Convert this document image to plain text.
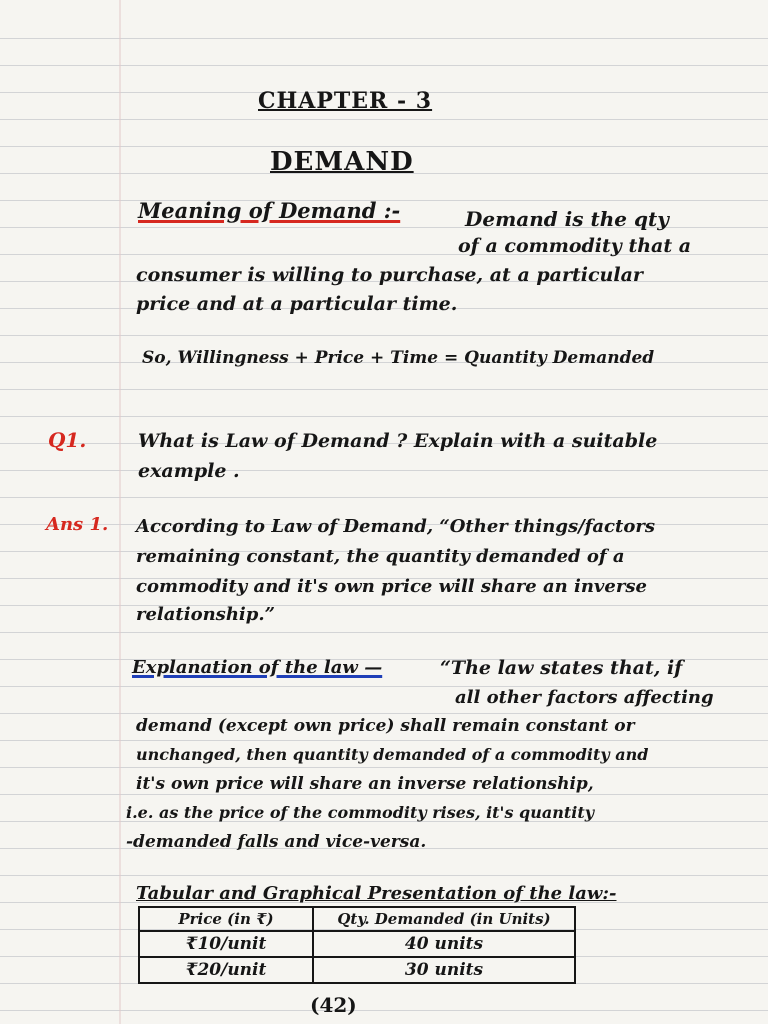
CHAPTER - 3
DEMAND
Meaning of Demand :-	Demand is the qty
of a commodity that a
consumer is willing to purchase, at a particular
price and at a particular time.
So, Willingness + Price + Time = Quantity Demanded
Q1.	What is Law of Demand ? Explain with a suitable
example .
Ans 1. According to Law of Demand, “Other things/factors
remaining constant, the quantity demanded of a
commodity and it's own price will share an inverse
relationship.”
Explanation of the law —	“The law states that, if
all other factors affecting
demand (except own price) shall remain constant or
unchanged, then quantity demanded of a commodity and
it's own price will share an inverse relationship,
i.e. as the price of the commodity rises, it's quantity
-demanded falls and vice-versa.
Tabular and Graphical Presentation of the law:-
Price (in ₹)	Qty. Demanded (in Units)
₹10/unit	40 units
₹20/unit	30 units
(42)
